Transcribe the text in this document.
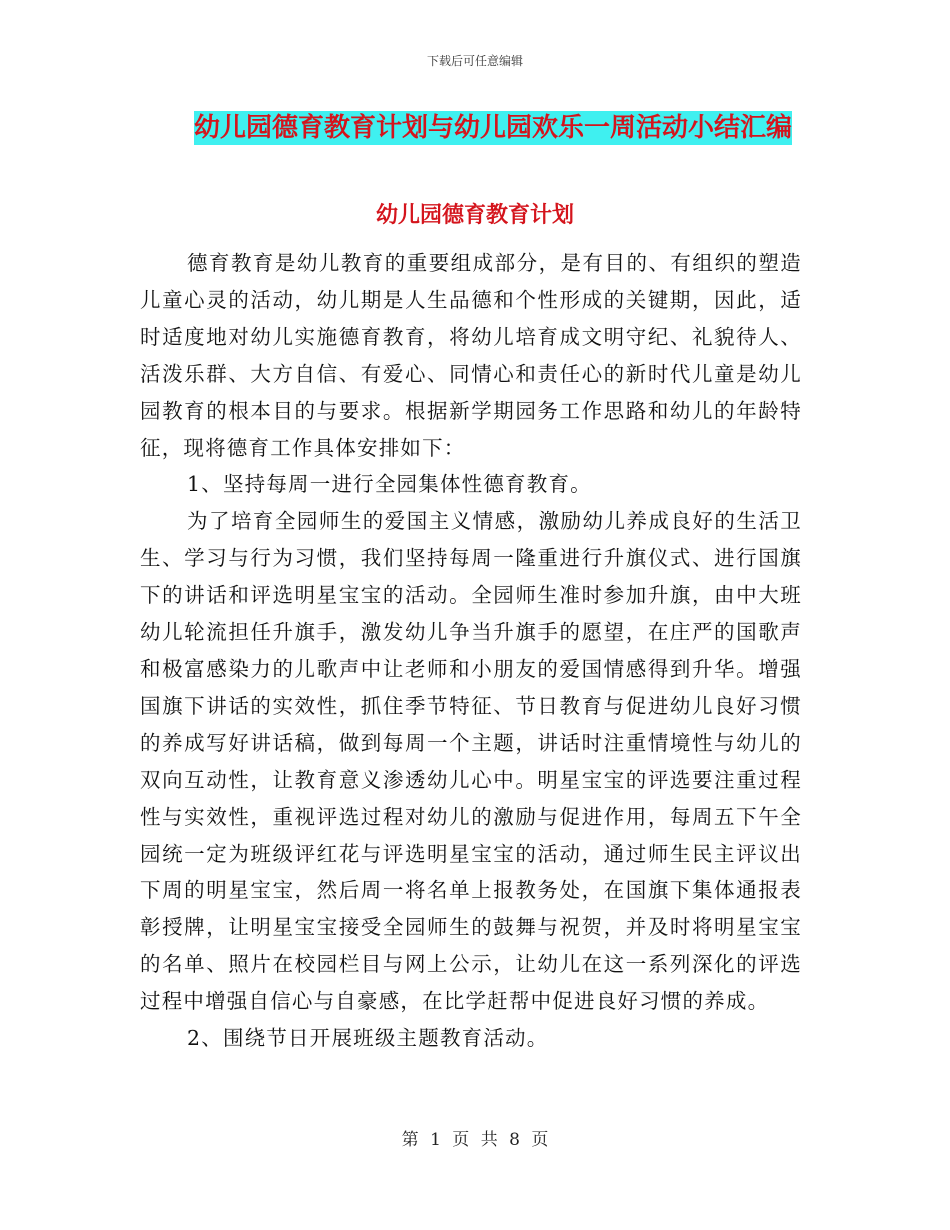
下载后可任意编辑
幼儿园德育教育计划与幼儿园欢乐一周活动小结汇编
幼儿园德育教育计划

德育教育是幼儿教育的重要组成部分，是有目的、有组织的塑造儿童心灵的活动，幼儿期是人生品德和个性形成的关键期，因此，适时适度地对幼儿实施德育教育，将幼儿培育成文明守纪、礼貌待人、活泼乐群、大方自信、有爱心、同情心和责任心的新时代儿童是幼儿园教育的根本目的与要求。根据新学期园务工作思路和幼儿的年龄特征，现将德育工作具体安排如下：

1、坚持每周一进行全园集体性德育教育。

为了培育全园师生的爱国主义情感，激励幼儿养成良好的生活卫生、学习与行为习惯，我们坚持每周一隆重进行升旗仪式、进行国旗下的讲话和评选明星宝宝的活动。全园师生准时参加升旗，由中大班幼儿轮流担任升旗手，激发幼儿争当升旗手的愿望，在庄严的国歌声和极富感染力的儿歌声中让老师和小朋友的爱国情感得到升华。增强国旗下讲话的实效性，抓住季节特征、节日教育与促进幼儿良好习惯的养成写好讲话稿，做到每周一个主题，讲话时注重情境性与幼儿的双向互动性，让教育意义渗透幼儿心中。明星宝宝的评选要注重过程性与实效性，重视评选过程对幼儿的激励与促进作用，每周五下午全园统一定为班级评红花与评选明星宝宝的活动，通过师生民主评议出下周的明星宝宝，然后周一将名单上报教务处，在国旗下集体通报表彰授牌，让明星宝宝接受全园师生的鼓舞与祝贺，并及时将明星宝宝的名单、照片在校园栏目与网上公示，让幼儿在这一系列深化的评选过程中增强自信心与自豪感，在比学赶帮中促进良好习惯的养成。

2、围绕节日开展班级主题教育活动。

第 1 页 共 8 页
